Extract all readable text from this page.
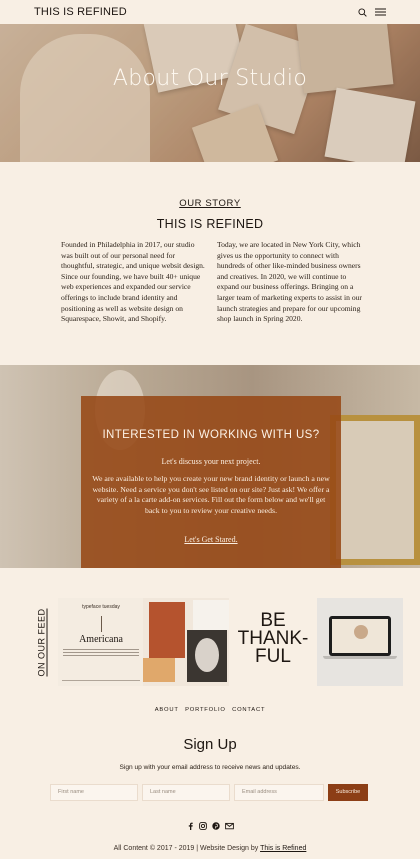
THIS IS REFINED
About Our Studio
OUR STORY
THIS IS REFINED
Founded in Philadelphia in 2017, our studio was built out of our personal need for thoughtful, strategic, and unique websit design. Since our founding, we have built 40+ unique web experiences and expanded our service offerings to include brand identity and positioning as well as website design on Squarespace, Showit, and Shopify.
Today, we are located in New York City, which gives us the opportunity to connect with hundreds of other like-minded business owners and creatives. In 2020, we will continue to expand our business offerings. Bringing on a larger team of marketing experts to assist in our launch strategies and prepare for our upcoming shop launch in Spring 2020.
INTERESTED IN WORKING WITH US?
Let's discuss your next project.
We are available to help you create your new brand identity or launch a new website. Need a service you don't see listed on our site? Just ask! We offer a variety of a la carte add-on services. Fill out the form below and we'll get back to you to review your creative needs.
Let's Get Stared.
ON OUR FEED
typeface tuesday
Americana
BE
THANK-
FUL
ABOUT PORTFOLIO CONTACT
Sign Up
Sign up with your email address to receive news and updates.
First name	Last name	Email address	Subscribe
All Content © 2017 - 2019 | Website Design by This is Refined
